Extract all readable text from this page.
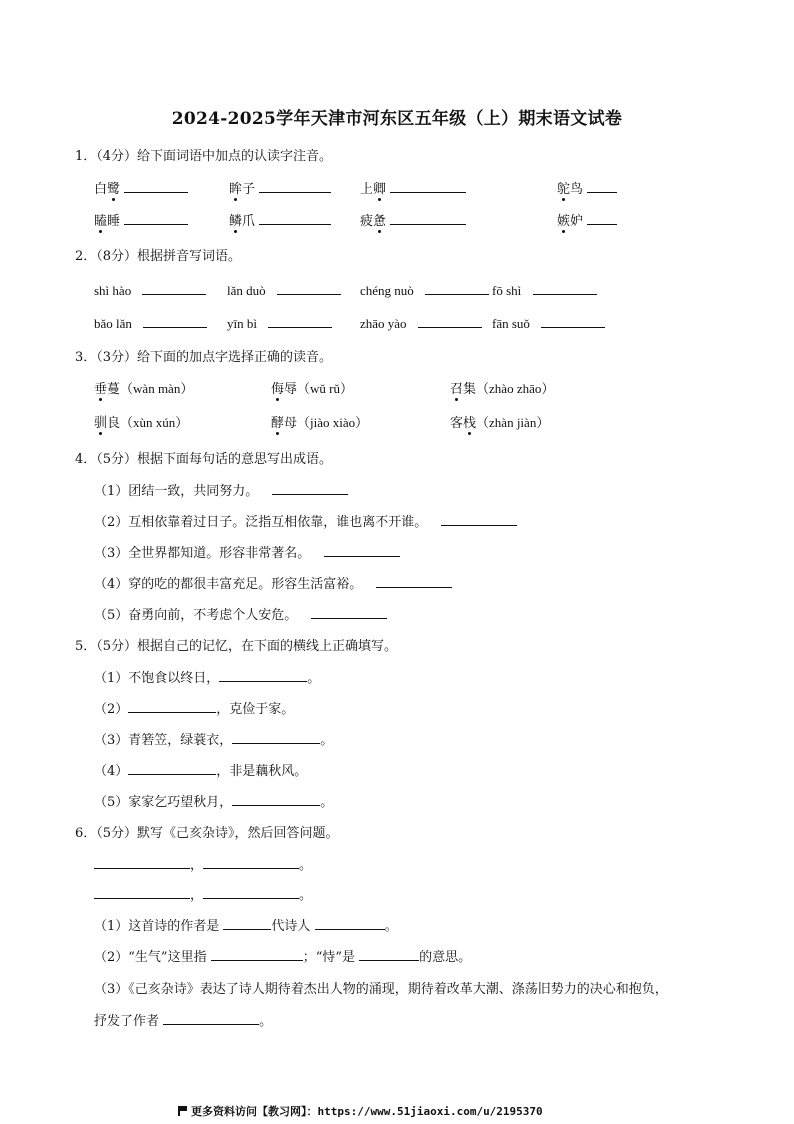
2024-2025学年天津市河东区五年级（上）期末语文试卷
1．（4分）给下面词语中加点的认读字注音。
2．（8分）根据拼音写词语。
3．（3分）给下面的加点字选择正确的读音。
4．（5分）根据下面每句话的意思写出成语。
5．（5分）根据自己的记忆，在下面的横线上正确填写。
6．（5分）默写《己亥杂诗》，然后回答问题。
，	。
，	。
（1）这首诗的作者是	代诗人	。
（2）“生气”这里指	；“恃”是	的意思。
（3）《己亥杂诗》表达了诗人期待着杰出人物的涌现，期待着改革大潮、涤荡旧势力的决心和抱负，
抒发了作者	。
更多资料访问【教习网】：https://www.51jiaoxi.com/u/2195370
白鹭	眸子	上卿	鸵鸟
瞌睡	鳞爪	疲惫	嫉妒
shì hào	lǎn duò	chéng nuò	fō shì
bǎo lǎn	yīn bì	zhāo yào	fān suǒ
垂蔓（wàn màn）	侮辱（wǔ rǔ）	召集（zhào zhāo）
驯良（xùn xún）	酵母（jiào xiào）	客栈（zhàn jiàn）
（1）团结一致，共同努力。
（2）互相依靠着过日子。泛指互相依靠，谁也离不开谁。
（3）全世界都知道。形容非常著名。
（4）穿的吃的都很丰富充足。形容生活富裕。
（5）奋勇向前，不考虑个人安危。
（1）不饱食以终日，	。
（2）	，克俭于家。
（3）青箬笠，绿蓑衣，	。
（4）	，非是藕秋风。
（5）家家乞巧望秋月，	。
